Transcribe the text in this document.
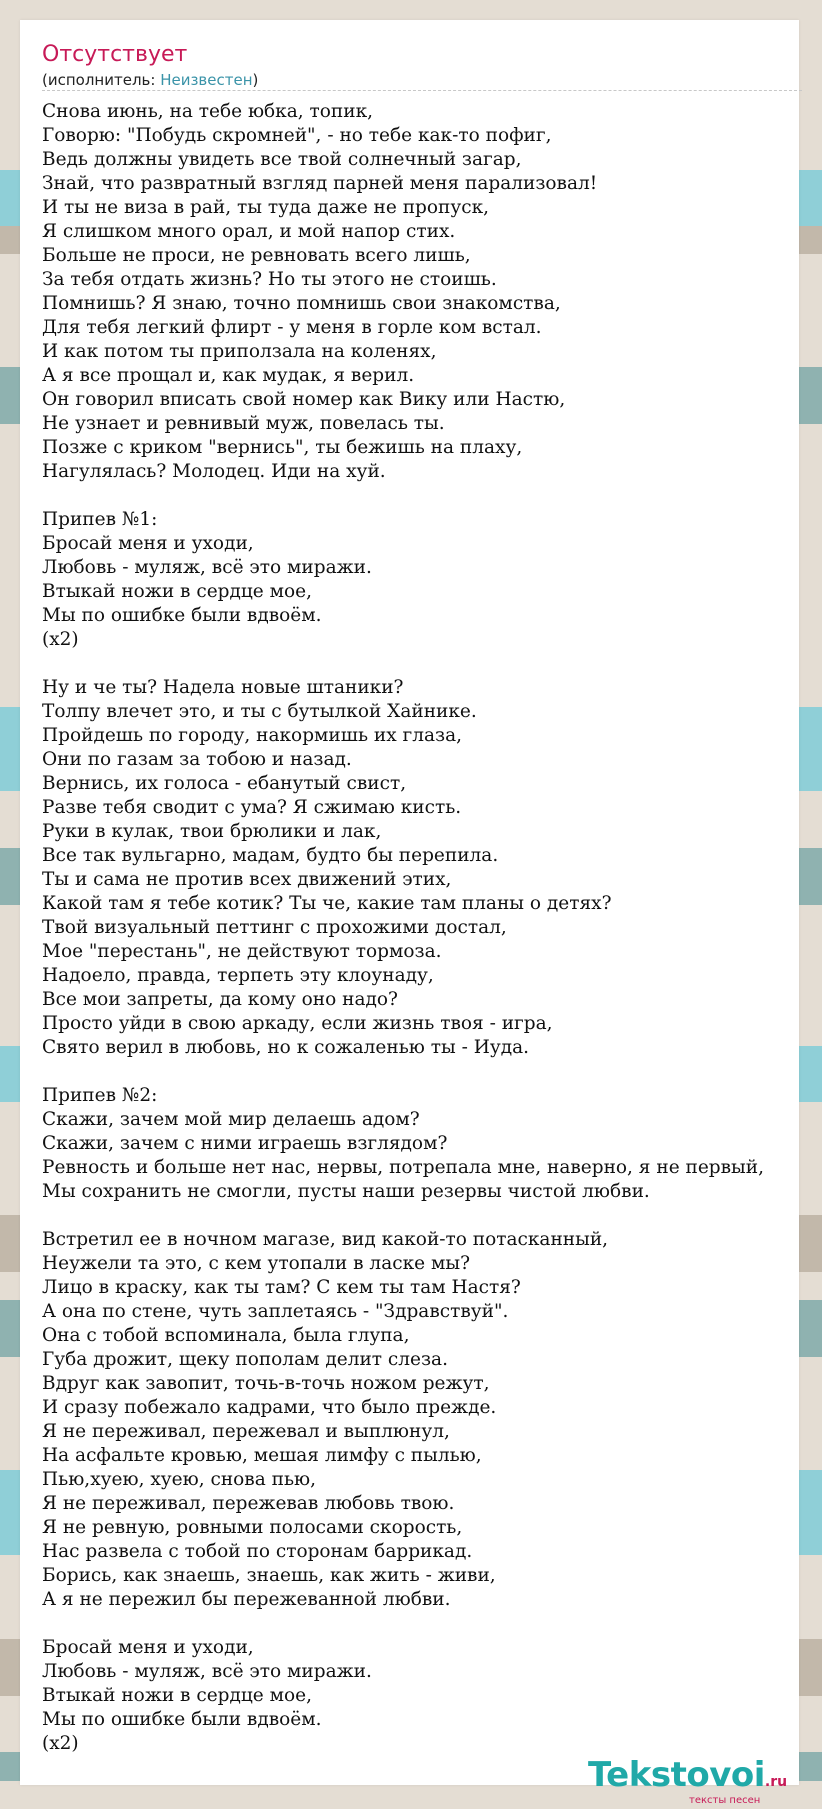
Отсутствует
(исполнитель: Неизвестен)
Снова июнь, на тебе юбка, топик,
Говорю: "Побудь скромней", - но тебе как-то пофиг,
Ведь должны увидеть все твой солнечный загар,
Знай, что развратный взгляд парней меня парализовал!
И ты не виза в рай, ты туда даже не пропуск,
Я слишком много орал, и мой напор стих.
Больше не проси, не ревновать всего лишь,
За тебя отдать жизнь? Но ты этого не стоишь.
Помнишь? Я знаю, точно помнишь свои знакомства,
Для тебя легкий флирт - у меня в горле ком встал.
И как потом ты приползала на коленях,
А я все прощал и, как мудак, я верил.
Он говорил вписать свой номер как Вику или Настю,
Не узнает и ревнивый муж, повелась ты.
Позже с криком "вернись", ты бежишь на плаху,
Нагулялась? Молодец. Иди на хуй.
Припев №1:
Бросай меня и уходи,
Любовь - муляж, всё это миражи.
Втыкай ножи в сердце мое,
Мы по ошибке были вдвоём.
(x2)
Ну и че ты? Надела новые штаники?
Толпу влечет это, и ты с бутылкой Хайнике.
Пройдешь по городу, накормишь их глаза,
Они по газам за тобою и назад.
Вернись, их голоса - ебанутый свист,
Разве тебя сводит с ума? Я сжимаю кисть.
Руки в кулак, твои брюлики и лак,
Все так вульгарно, мадам, будто бы перепила.
Ты и сама не против всех движений этих,
Какой там я тебе котик? Ты че, какие там планы о детях?
Твой визуальный петтинг с прохожими достал,
Мое "перестань", не действуют тормоза.
Надоело, правда, терпеть эту клоунаду,
Все мои запреты, да кому оно надо?
Просто уйди в свою аркаду, если жизнь твоя - игра,
Свято верил в любовь, но к сожаленью ты - Иуда.
Припев №2:
Скажи, зачем мой мир делаешь адом?
Скажи, зачем с ними играешь взглядом?
Ревность и больше нет нас, нервы, потрепала мне, наверно, я не первый,
Мы сохранить не смогли, пусты наши резервы чистой любви.
Встретил ее в ночном магазе, вид какой-то потасканный,
Неужели та это, с кем утопали в ласке мы?
Лицо в краску, как ты там? С кем ты там Настя?
А она по стене, чуть заплетаясь - "Здравствуй".
Она с тобой вспоминала, была глупа,
Губа дрожит, щеку пополам делит слеза.
Вдруг как завопит, точь-в-точь ножом режут,
И сразу побежало кадрами, что было прежде.
Я не переживал, пережевал и выплюнул,
На асфальте кровью, мешая лимфу с пылью,
Пью,хуею, хуею, снова пью,
Я не переживал, пережевав любовь твою.
Я не ревную, ровными полосами скорость,
Нас развела с тобой по сторонам баррикад.
Борись, как знаешь, знаешь, как жить - живи,
А я не пережил бы пережеванной любви.
Бросай меня и уходи,
Любовь - муляж, всё это миражи.
Втыкай ножи в сердце мое,
Мы по ошибке были вдвоём.
(x2)
Tekstovoi.ru
тексты песен
